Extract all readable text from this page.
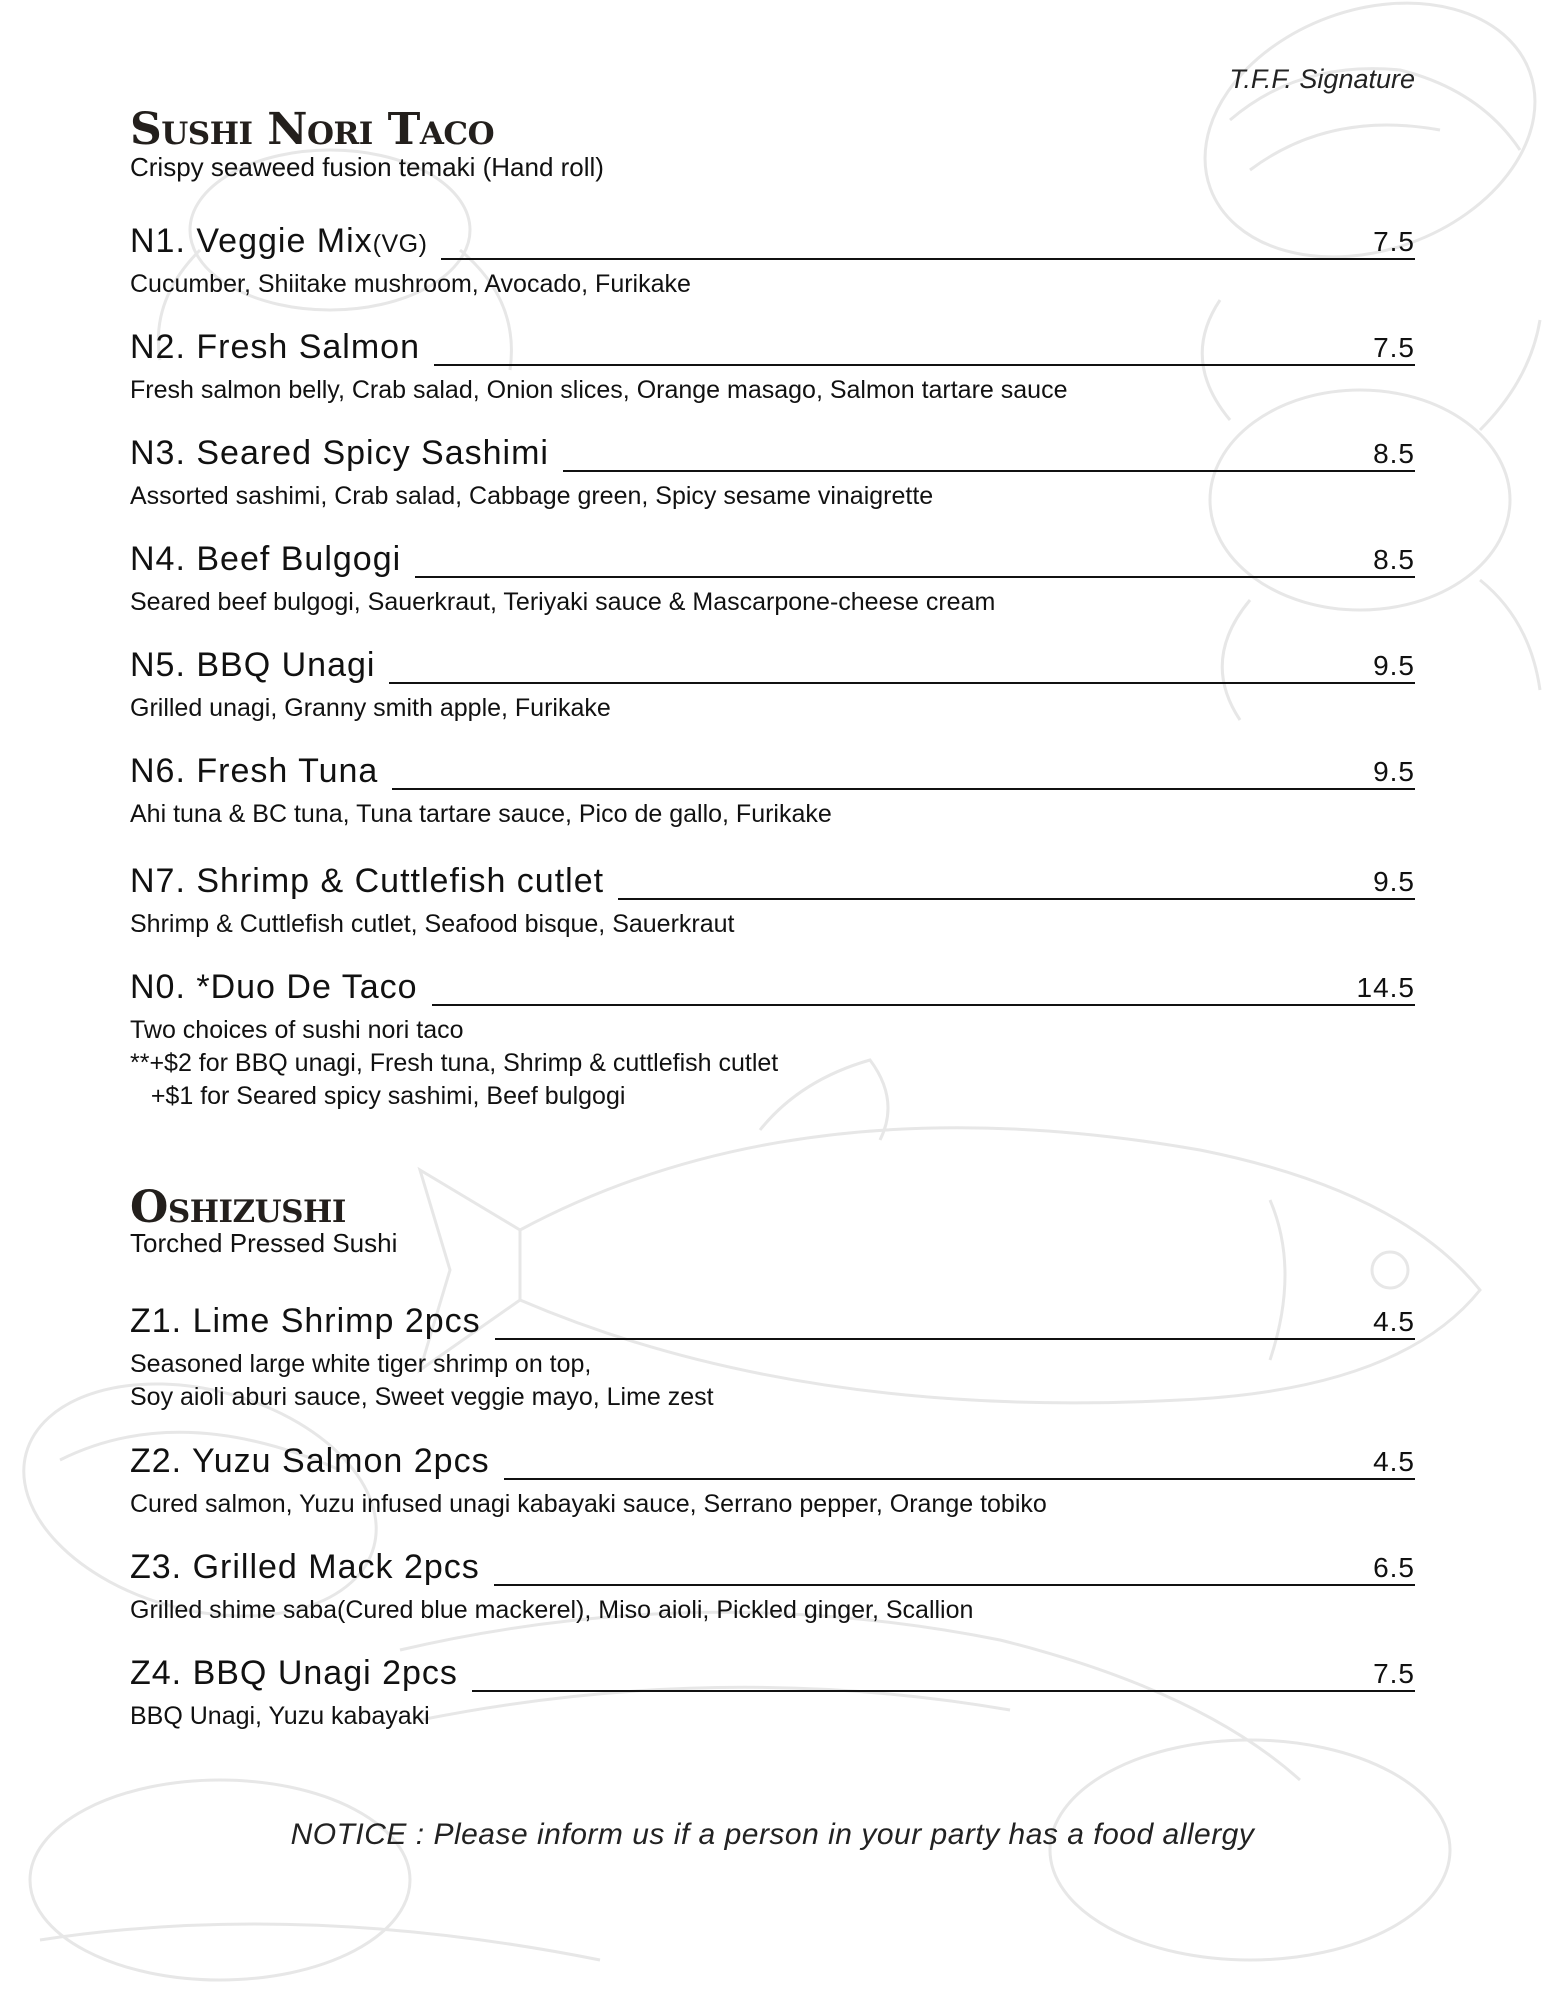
T.F.F. Signature
Sushi Nori Taco
Crispy seaweed fusion temaki (Hand roll)
N1. Veggie Mix(VG)	7.5
Cucumber, Shiitake mushroom, Avocado, Furikake
N2. Fresh Salmon	7.5
Fresh salmon belly, Crab salad, Onion slices, Orange masago, Salmon tartare sauce
N3. Seared Spicy Sashimi	8.5
Assorted sashimi, Crab salad, Cabbage green, Spicy sesame vinaigrette
N4. Beef Bulgogi	8.5
Seared beef bulgogi, Sauerkraut, Teriyaki sauce & Mascarpone-cheese cream
N5. BBQ Unagi	9.5
Grilled unagi, Granny smith apple, Furikake
N6. Fresh Tuna	9.5
Ahi tuna & BC tuna, Tuna tartare sauce, Pico de gallo, Furikake
N7. Shrimp & Cuttlefish cutlet	9.5
Shrimp & Cuttlefish cutlet, Seafood bisque, Sauerkraut
N0. *Duo De Taco	14.5
Two choices of sushi nori taco
**+$2 for BBQ unagi, Fresh tuna, Shrimp & cuttlefish cutlet
+$1 for Seared spicy sashimi, Beef bulgogi
Oshizushi
Torched Pressed Sushi
Z1. Lime Shrimp 2pcs	4.5
Seasoned large white tiger shrimp on top,
Soy aioli aburi sauce, Sweet veggie mayo, Lime zest
Z2. Yuzu Salmon 2pcs	4.5
Cured salmon, Yuzu infused unagi kabayaki sauce, Serrano pepper, Orange tobiko
Z3. Grilled Mack 2pcs	6.5
Grilled shime saba(Cured blue mackerel), Miso aioli, Pickled ginger, Scallion
Z4. BBQ Unagi 2pcs	7.5
BBQ Unagi, Yuzu kabayaki
NOTICE : Please inform us if a person in your party has a food allergy
